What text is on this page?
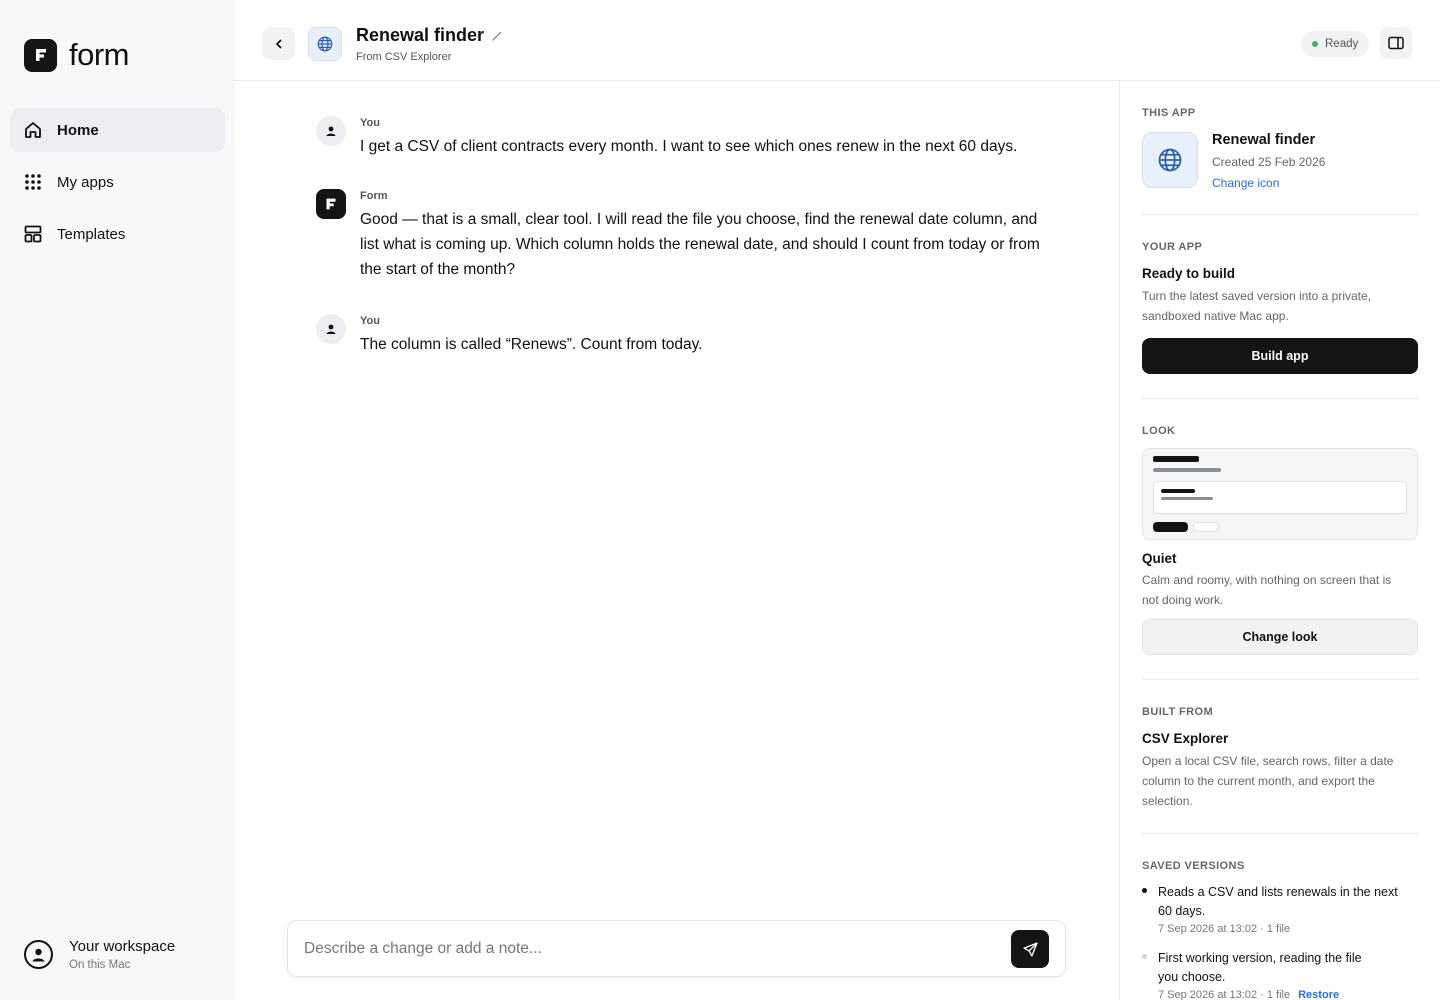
form
Home
My apps
Templates
Your workspace
On this Mac
Renewal finder
From CSV Explorer
Ready
You
I get a CSV of client contracts every month. I want to see which ones renew in the next 60 days.
Form
Good — that is a small, clear tool. I will read the file you choose, find the renewal date column, and list what is coming up. Which column holds the renewal date, and should I count from today or from the start of the month?
You
The column is called “Renews”. Count from today.
Describe a change or add a note...
THIS APP
Renewal finder
Created 25 Feb 2026
Change icon
YOUR APP
Ready to build
Turn the latest saved version into a private, sandboxed native Mac app.
Build app
LOOK
Quiet
Calm and roomy, with nothing on screen that is not doing work.
Change look
BUILT FROM
CSV Explorer
Open a local CSV file, search rows, filter a date column to the current month, and export the selection.
SAVED VERSIONS
Reads a CSV and lists renewals in the next 60 days.
7 Sep 2026 at 13:02 · 1 file
First working version, reading the file you choose.
7 Sep 2026 at 13:02 · 1 file Restore
